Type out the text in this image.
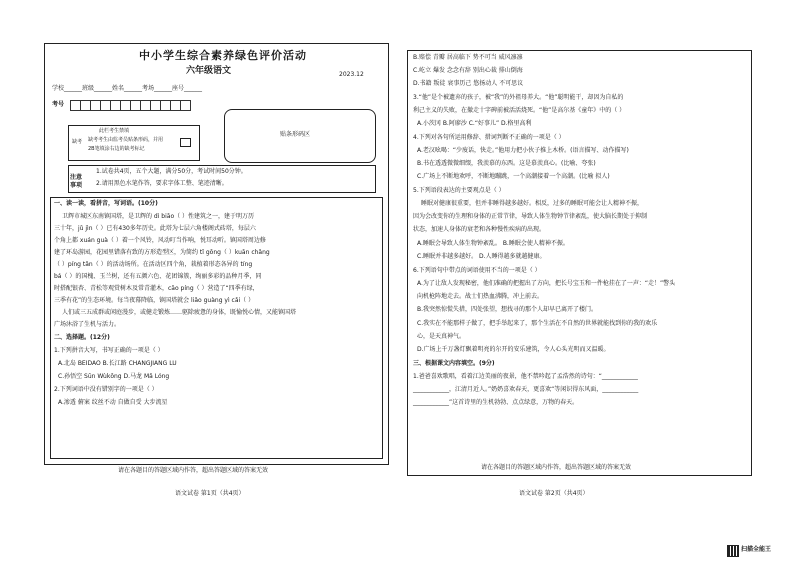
中小学生综合素养绿色评价活动
六年级语文	2023.12
学校______班级______姓名______考场______座号______
考号
缺考
此栏考生禁填
缺考考生由监考员贴条形码，并用
2B笔填涂右边的缺考标记
贴条形码区
注意事项
1.试卷共4页，五个大题，满分50分，考试时间50分钟。
2.请用黑色水笔作答，要求字体工整、笔迹清晰。
一、读一读，看拼音，写词语。(10分)
卫辉市城区东南镇国塔，是卫辉的 dì biāo（ ）性建筑之一，建于明万历
三十年，jǔ jìn（ ）已有430多年历史。此塔为七层六角楼阁式砖塔，每层六
个角上都 xuán guà（ ）着一个风铃，风动叮当作响，悦耳动听。镇国塔周边修
建了环岛游园，花园里错落有致的方形造型区，为简约 tǐ gōng（ ）kuān chǎng
（ ）píng tǎn（ ）的活动场所。在活动区四个角，栽植着形态各异的 tíng
bá（ ）的国槐、玉兰树，还有五颜六色、花团锦簇，绚丽多彩的品种月季，同
时搭配银杏、青松等观赏树木及常青灌木，cāo píng（ ）营造了“四季有绿，
三季有花”的生态环境。每当夜幕降临，镇国塔就会 liǎo guàng yì cǎi（ ）
人们或三五成群或闲庭漫步，或健走锻炼……驱除疲惫的身体，既愉悦心情，又能镇国塔
广场沐浴了生机与活力。
二、选择题。(12分)
1.下列拼音大写，书写正确的一项是（ ）
A.北岛 BEIDAO B.长江路 CHANGJIANG LU
C.孙悟空 Sūn Wùkōng D.马龙 Mǎ Lóng
2.下列词语中没有错别字的一项是（ ）
A.渗透 俯案 纹丝不动 自做自受 大步流星
请在各题目的答题区域内作答，超出答题区域的答案无效
语文试卷 第1页（共4页）
B.赔偿 青瓣 居高临下 势不可当 威风凛凛
C.屹立 爆发 念念有辞 别出心裁 排山倒海
D.书籍 叛徒 衰事历己 悠扬动人 不可思议
3.“他”是个被遗弃的孩子，被“我”的外祖母养大。“他”聪明能干，却因为自私的
利己主义的失败，在撤走十字碑前被活活烧死。“他”是高尔基《童年》中的（ ）
A.小茨冈 B.阿廖沙 C.“好事儿” D.格里高利
4.下列对各句所运用修辞、措词判断不正确的一项是（ ）
A.老汉吆喝：“少废话，快走。”他用力把小伙子推上木桥。(语言描写、动作描写)
B.书在透透微微细缀，我羡慕的东西。这是慕羡真心。(比喻、夸张)
C.广场上不断地欢呼，不断地蹦跳，一个高潮接着一个高潮。(比喻 拟人)
5.下列语段表达的主要观点是（ ）
睡眠对健康很重要，但并非睡得越多越好。相反，过多的睡眠可能会让人精神不振，
因为会改变你的生理和身体的正常节律，导致人体生物钟节律紊乱，使大脑长期处于抑制
状态，加速人身体的衰老和各种慢性疾病的出现。
A.睡眠会导致人体生物钟紊乱。 B.睡眠会使人精神不振。
C.睡眠并非越多越好。 D.人睡得越多就越健康。
6.下列语句中带点的词语使用不当的一项是（ ）
A.为了让敌人发现秘密，他们准确的把握出了方向，把长号宝玉和一件枪挂在了一声：“走！”警头
向机枪阵地走去。战士们热血沸腾，冲上前去。
B.我突然惊慌失措，四处张望，想找寻的那个人却早已离开了楼门。
C.我实在不能那样子做了，把手举起来了，那个生活在不自然的世界就能找到你的我的欢乐
心，是天真神气。
D.广场上千万盏灯飘着明亮的尔开的安乐建筑，令人心头光明而又温暖。
三、根据课文内容填空。(9分)
1.爸爸喜欢歌唱，看着江边美丽的夜景，他不禁吟起了孟浩然的诗句：“____________
____________，江清月近人。”奶奶喜欢春天，更喜欢“等闲识得东风面，____________
____________”这首诗里的生机勃勃、点点绿意，万物的春天。
请在各题目的答题区域内作答，超出答题区域的答案无效
语文试卷 第2页（共4页）
扫描全能王
